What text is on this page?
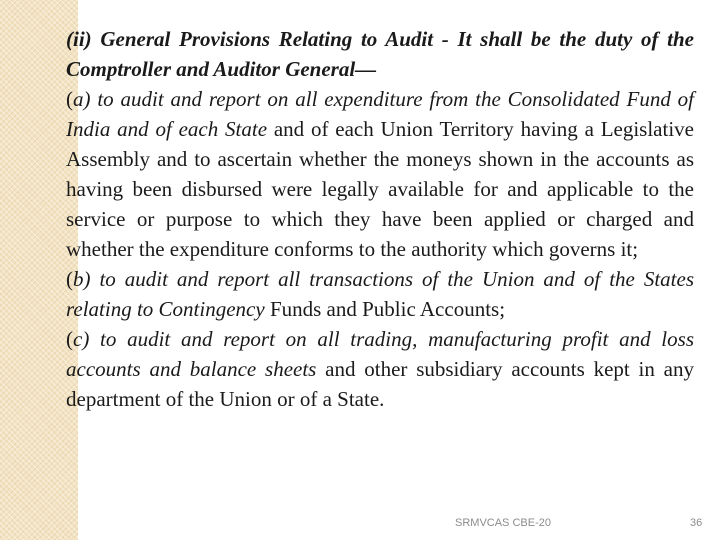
(ii) General Provisions Relating to Audit - It shall be the duty of the Comptroller and Auditor General—

(a) to audit and report on all expenditure from the Consolidated Fund of India and of each State and of each Union Territory having a Legislative Assembly and to ascertain whether the moneys shown in the accounts as having been disbursed were legally available for and applicable to the service or purpose to which they have been applied or charged and whether the expenditure conforms to the authority which governs it;

(b) to audit and report all transactions of the Union and of the States relating to Contingency Funds and Public Accounts;

(c) to audit and report on all trading, manufacturing profit and loss accounts and balance sheets and other subsidiary accounts kept in any department of the Union or of a State.

SRMVCAS CBE-20	36
